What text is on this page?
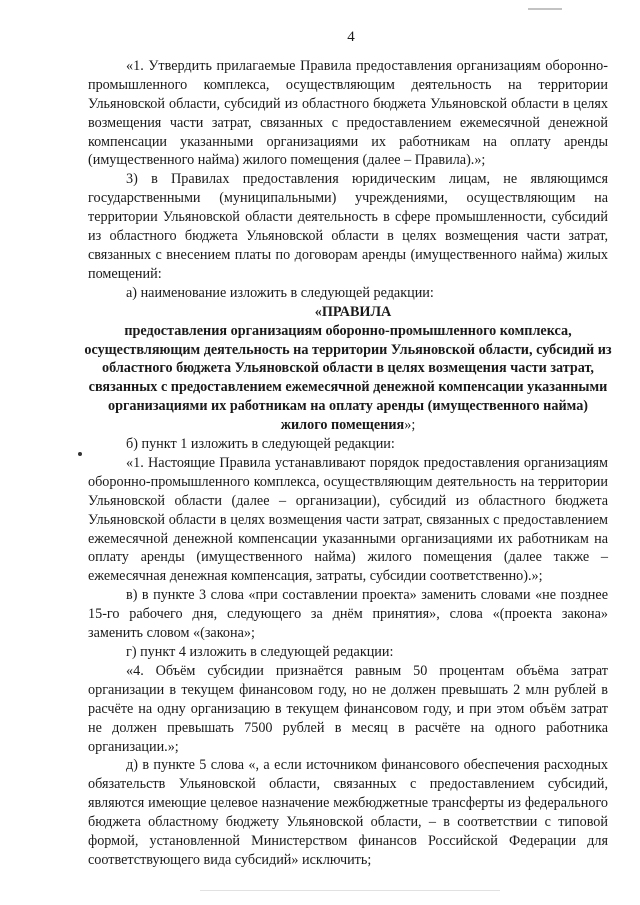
4

«1. Утвердить прилагаемые Правила предоставления организациям оборонно-промышленного комплекса, осуществляющим деятельность на территории Ульяновской области, субсидий из областного бюджета Ульяновской области в целях возмещения части затрат, связанных с предоставлением ежемесячной денежной компенсации указанными организациями их работникам на оплату аренды (имущественного найма) жилого помещения (далее – Правила).»;

3) в Правилах предоставления юридическим лицам, не являющимся государственными (муниципальными) учреждениями, осуществляющим на территории Ульяновской области деятельность в сфере промышленности, субсидий из областного бюджета Ульяновской области в целях возмещения части затрат, связанных с внесением платы по договорам аренды (имущественного найма) жилых помещений:

а) наименование изложить в следующей редакции:

«ПРАВИЛА

предоставления организациям оборонно-промышленного комплекса, осуществляющим деятельность на территории Ульяновской области, субсидий из областного бюджета Ульяновской области в целях возмещения части затрат, связанных с предоставлением ежемесячной денежной компенсации указанными организациями их работникам на оплату аренды (имущественного найма) жилого помещения»;

б) пункт 1 изложить в следующей редакции:

«1. Настоящие Правила устанавливают порядок предоставления организациям оборонно-промышленного комплекса, осуществляющим деятельность на территории Ульяновской области (далее – организации), субсидий из областного бюджета Ульяновской области в целях возмещения части затрат, связанных с предоставлением ежемесячной денежной компенсации указанными организациями их работникам на оплату аренды (имущественного найма) жилого помещения (далее также – ежемесячная денежная компенсация, затраты, субсидии соответственно).»;

в) в пункте 3 слова «при составлении проекта» заменить словами «не позднее 15-го рабочего дня, следующего за днём принятия», слова «(проекта закона» заменить словом «(закона»;

г) пункт 4 изложить в следующей редакции:

«4. Объём субсидии признаётся равным 50 процентам объёма затрат организации в текущем финансовом году, но не должен превышать 2 млн рублей в расчёте на одну организацию в текущем финансовом году, и при этом объём затрат не должен превышать 7500 рублей в месяц в расчёте на одного работника организации.»;

д) в пункте 5 слова «, а если источником финансового обеспечения расходных обязательств Ульяновской области, связанных с предоставлением субсидий, являются имеющие целевое назначение межбюджетные трансферты из федерального бюджета областному бюджету Ульяновской области, – в соответствии с типовой формой, установленной Министерством финансов Российской Федерации для соответствующего вида субсидий» исключить;
